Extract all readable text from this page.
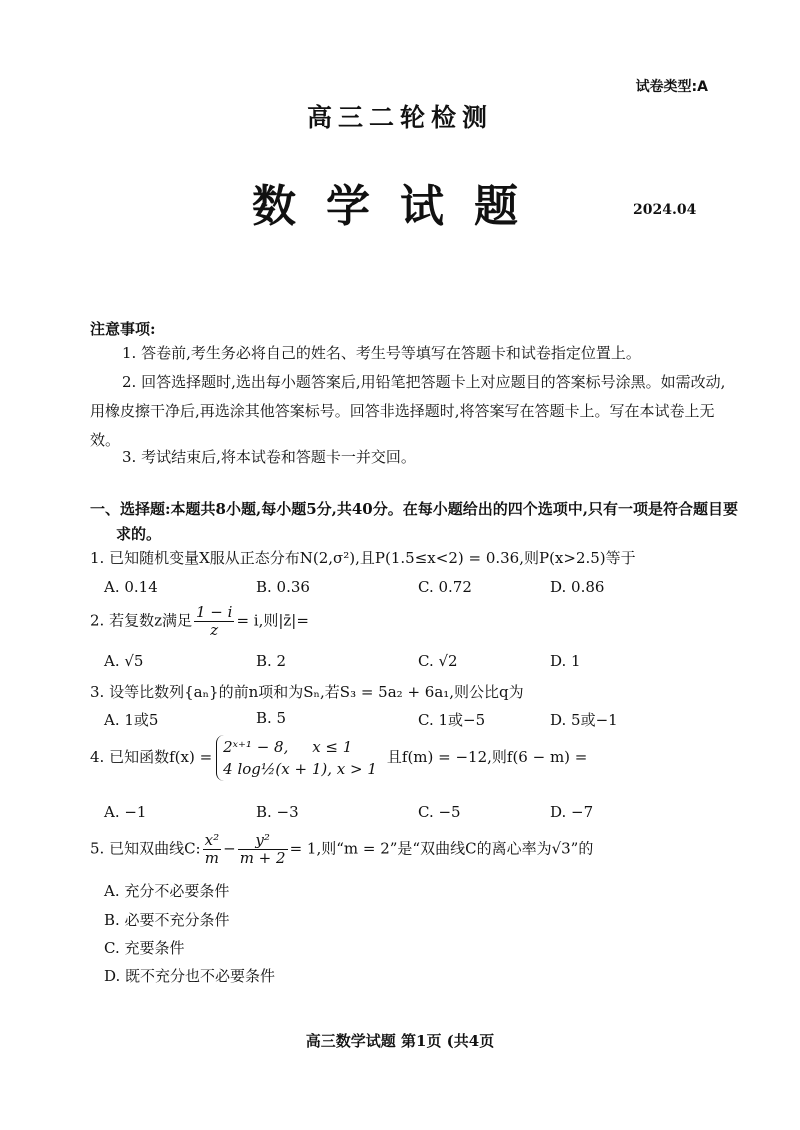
试卷类型:A
高三二轮检测
数学试题	2024.04
注意事项:
1. 答卷前,考生务必将自己的姓名、考生号等填写在答题卡和试卷指定位置上。
2. 回答选择题时,选出每小题答案后,用铅笔把答题卡上对应题目的答案标号涂黑。如需改动,用橡皮擦干净后,再选涂其他答案标号。回答非选择题时,将答案写在答题卡上。写在本试卷上无效。
3. 考试结束后,将本试卷和答题卡一并交回。
一、选择题:本题共8小题,每小题5分,共40分。在每小题给出的四个选项中,只有一项是符合题目要求的。
1. 已知随机变量X服从正态分布N(2,σ²),且P(1.5≤x<2) = 0.36,则P(x>2.5)等于
A. 0.14	B. 0.36	C. 0.72	D. 0.86
2. 若复数z满足 $\frac{1 - i}{z} = i$,则|z̄|=
A. √5	B. 2	C. √2	D. 1
3. 设等比数列{aₙ}的前n项和为Sₙ,若S₃ = 5a₂ + 6a₁,则公比q为
A. 1或5	B. 5	C. 1或−5	D. 5或−1
4. 已知函数f(x) =
2ˣ⁺¹ − 8,     x ≤ 1
4 log½(x + 1), x > 1
且f(m) = −12,则f(6 − m) =
A. −1	B. −3	C. −5	D. −7
5. 已知双曲线C: $\frac{\text{x²}}{m} - \frac{\text{y²}}{m + 2} = 1$,则“m = 2”是“双曲线C的离心率为√3”的
A. 充分不必要条件
B. 必要不充分条件
C. 充要条件
D. 既不充分也不必要条件
高三数学试题 第1页 (共4页
